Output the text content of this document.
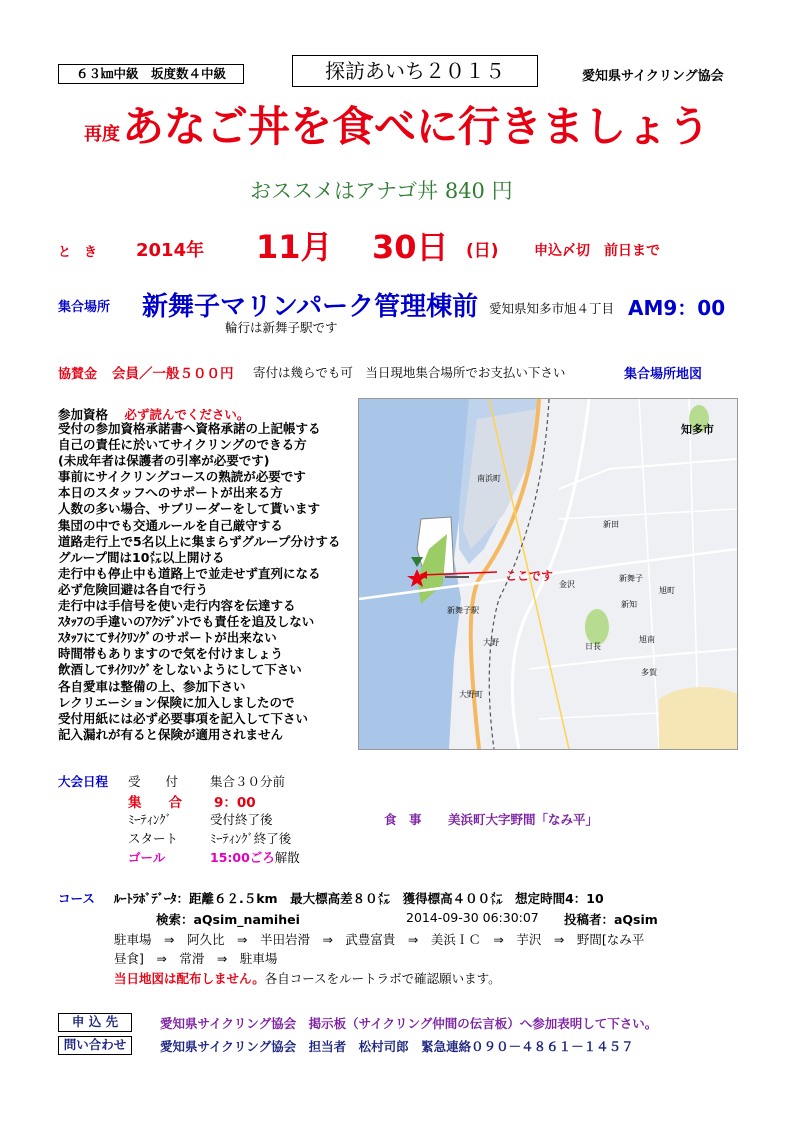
６３㎞中級　坂度数４中級	探訪あいち２０１５	愛知県サイクリング協会
再度 あなご丼を食べに行きましょう
おススメはアナゴ丼 840 円
と　き 2014年 11月 30日 (日)	申込〆切　前日まで
集合場所 新舞子マリンパーク管理棟前 愛知県知多市旭４丁目 AM9：00
輪行は新舞子駅です
協賛金 会員／一般５００円 寄付は幾らでも可　当日現地集合場所でお支払い下さい	集合場所地図
参加資格 必ず読んでください。
受付の参加資格承諾書へ資格承諾の上記帳する
自己の責任に於いてサイクリングのできる方
(未成年者は保護者の引率が必要です)
事前にサイクリングコースの熟読が必要です
本日のスタッフへのサポートが出来る方
人数の多い場合、サブリーダーをして貰います
集団の中でも交通ルールを自己厳守する
道路走行上で5名以上に集まらずグループ分けする
グループ間は10㍍以上開ける
走行中も停止中も道路上で並走せず直列になる
必ず危険回避は各自で行う
走行中は手信号を使い走行内容を伝達する
ｽﾀｯﾌの手違いのｱｸｼﾃﾞﾝﾄでも責任を追及しない
ｽﾀｯﾌにてｻｲｸﾘﾝｸﾞのサポートが出来ない
時間帯もありますので気を付けましょう
飲酒してｻｲｸﾘﾝｸﾞをしないようにして下さい
各自愛車は整備の上、参加下さい
レクリエーション保険に加入しましたので
受付用紙には必ず必要事項を記入して下さい
記入漏れが有ると保険が適用されません
ここです
知多市
南浜町
新舞子
大野	日長
金沢
旭南
新知
大野町
多賀
新舞子駅
旭町
新田
大会日程 受　　付	集合３０分前
集　　合 9：00
ﾐｰﾃｨﾝｸﾞ	受付終了後	食　事 美浜町大字野間「なみ平」
スタート	ﾐｰﾃｨﾝｸﾞ終了後
ゴール	15:00ごろ解散
コース ﾙｰﾄﾗﾎﾞﾃﾞｰﾀ：距離６２.５km　最大標高差８０㍍　獲得標高４００㍍　想定時間4：10
検索：aQsim_namihei	2014-09-30 06:30:07 投稿者：aQsim
駐車場　⇒　阿久比　⇒　半田岩滑　⇒　武豊富貴　⇒　美浜ＩＣ　⇒　芋沢　⇒　野間[なみ平
昼食]　⇒　常滑　⇒　駐車場
当日地図は配布しません。各自コースをルートラボで確認願います。
申 込 先	愛知県サイクリング協会　掲示板（サイクリング仲間の伝言板）へ参加表明して下さい。
問い合わせ	愛知県サイクリング協会　担当者　松村司郎　緊急連絡０９０－４８６１－１４５７
